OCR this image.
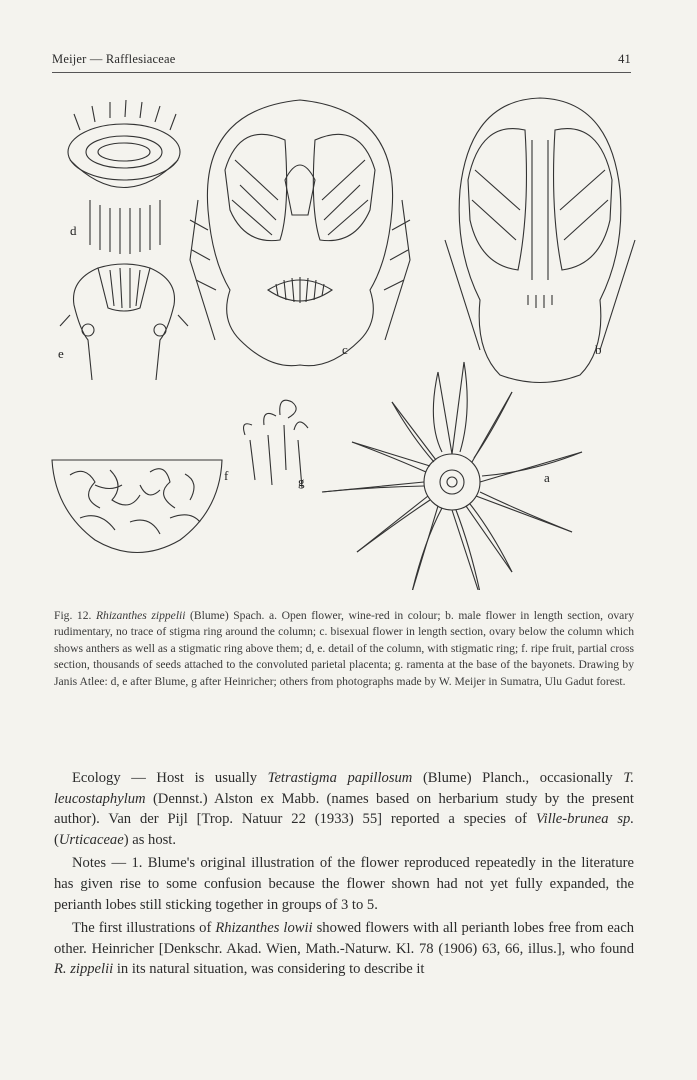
Meijer — Rafflesiaceae	41
d
e	c	b
f	g	a
Fig. 12. Rhizanthes zippelii (Blume) Spach. a. Open flower, wine-red in colour; b. male flower in length section, ovary rudimentary, no trace of stigma ring around the column; c. bisexual flower in length section, ovary below the column which shows anthers as well as a stigmatic ring above them; d, e. detail of the column, with stigmatic ring; f. ripe fruit, partial cross section, thousands of seeds attached to the convoluted parietal placenta; g. ramenta at the base of the bayonets. Drawing by Janis Atlee: d, e after Blume, g after Heinricher; others from photographs made by W. Meijer in Sumatra, Ulu Gadut forest.

Ecology — Host is usually Tetrastigma papillosum (Blume) Planch., occasionally T. leucostaphylum (Dennst.) Alston ex Mabb. (names based on herbarium study by the present author). Van der Pijl [Trop. Natuur 22 (1933) 55] reported a species of Ville-brunea sp. (Urticaceae) as host.

Notes — 1. Blume's original illustration of the flower reproduced repeatedly in the literature has given rise to some confusion because the flower shown had not yet fully expanded, the perianth lobes still sticking together in groups of 3 to 5.

The first illustrations of Rhizanthes lowii showed flowers with all perianth lobes free from each other. Heinricher [Denkschr. Akad. Wien, Math.-Naturw. Kl. 78 (1906) 63, 66, illus.], who found R. zippelii in its natural situation, was considering to describe it
